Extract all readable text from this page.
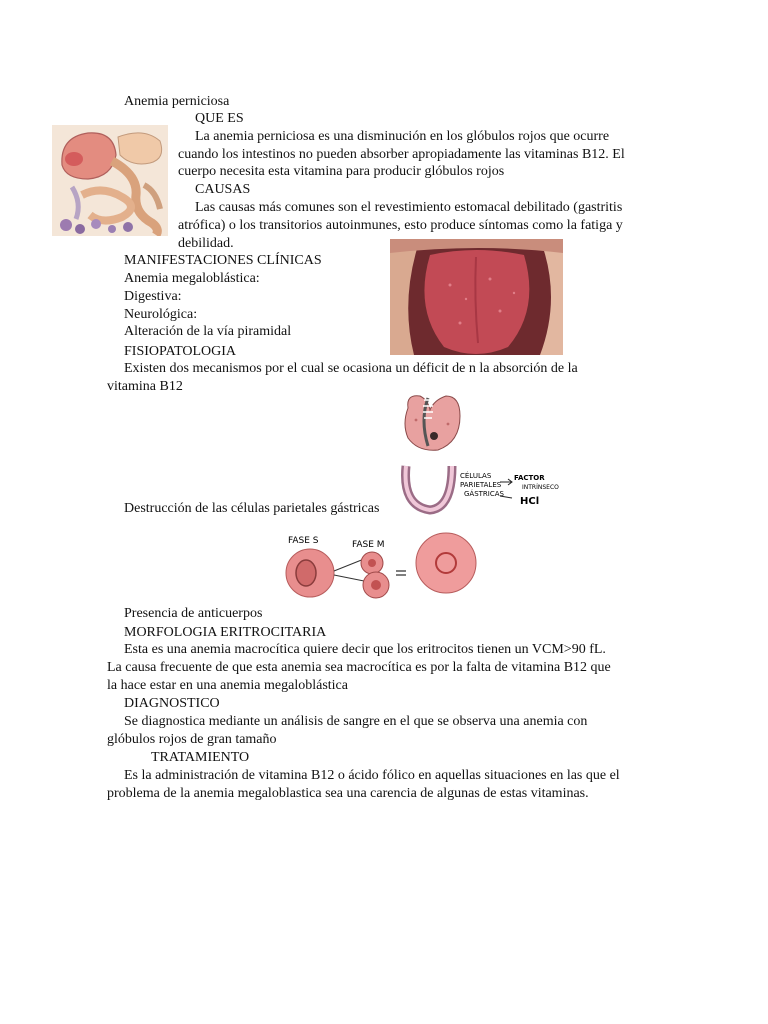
Anemia perniciosa
QUE ES
La anemia perniciosa es una disminución en los glóbulos rojos que ocurre
cuando los intestinos no pueden absorber apropiadamente las vitaminas B12. El
cuerpo necesita esta vitamina para producir glóbulos rojos
CAUSAS
Las causas más comunes son el revestimiento estomacal debilitado (gastritis
atrófica) o los transitorios autoinmunes, esto produce síntomas como la fatiga y
debilidad.
MANIFESTACIONES CLÍNICAS
Anemia megaloblástica:
Digestiva:
Neurológica:
Alteración de la vía piramidal
FISIOPATOLOGIA
Existen dos mecanismos por el cual se ocasiona un déficit de n la absorción de la
vitamina B12
CÉLULAS
PARIETALES
GÁSTRICAS
FACTOR
INTRÍNSECO
HCl
Destrucción de las células parietales gástricas
FASE S	FASE M
Presencia de anticuerpos
MORFOLOGIA ERITROCITARIA
Esta es una anemia macrocítica quiere decir que los eritrocitos tienen un VCM>90 fL.
La causa frecuente de que esta anemia sea macrocítica es por la falta de vitamina B12 que
la hace estar en una anemia megaloblástica
DIAGNOSTICO
Se diagnostica mediante un análisis de sangre en el que se observa una anemia con
glóbulos rojos de gran tamaño
TRATAMIENTO
Es la administración de vitamina B12 o ácido fólico en aquellas situaciones en las que el
problema de la anemia megaloblastica sea una carencia de algunas de estas vitaminas.
